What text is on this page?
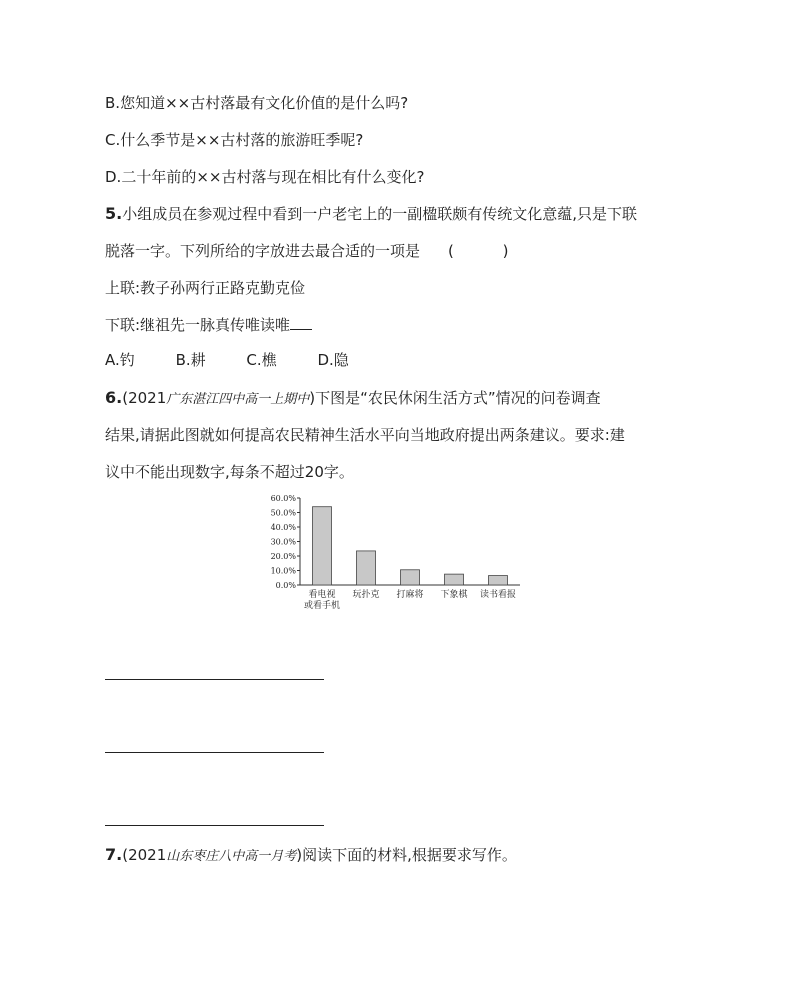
B.您知道××古村落最有文化价值的是什么吗?
C.什么季节是××古村落的旅游旺季呢?
D.二十年前的××古村落与现在相比有什么变化?
5.小组成员在参观过程中看到一户老宅上的一副楹联颇有传统文化意蕴,只是下联
脱落一字。下列所给的字放进去最合适的一项是 ( )
上联:教子孙两行正路克勤克俭
下联:继祖先一脉真传唯读唯
A.钓	B.耕	C.樵	D.隐
6.(2021广东湛江四中高一上期中)下图是“农民休闲生活方式”情况的问卷调查
结果,请据此图就如何提高农民精神生活水平向当地政府提出两条建议。要求:建
议中不能出现数字,每条不超过20字。
0.0%
10.0%
20.0%
30.0%
40.0%
50.0%
60.0%
看电视
或看手机
玩扑克 打麻将 下象棋 读书看报
7.(2021山东枣庄八中高一月考)阅读下面的材料,根据要求写作。
